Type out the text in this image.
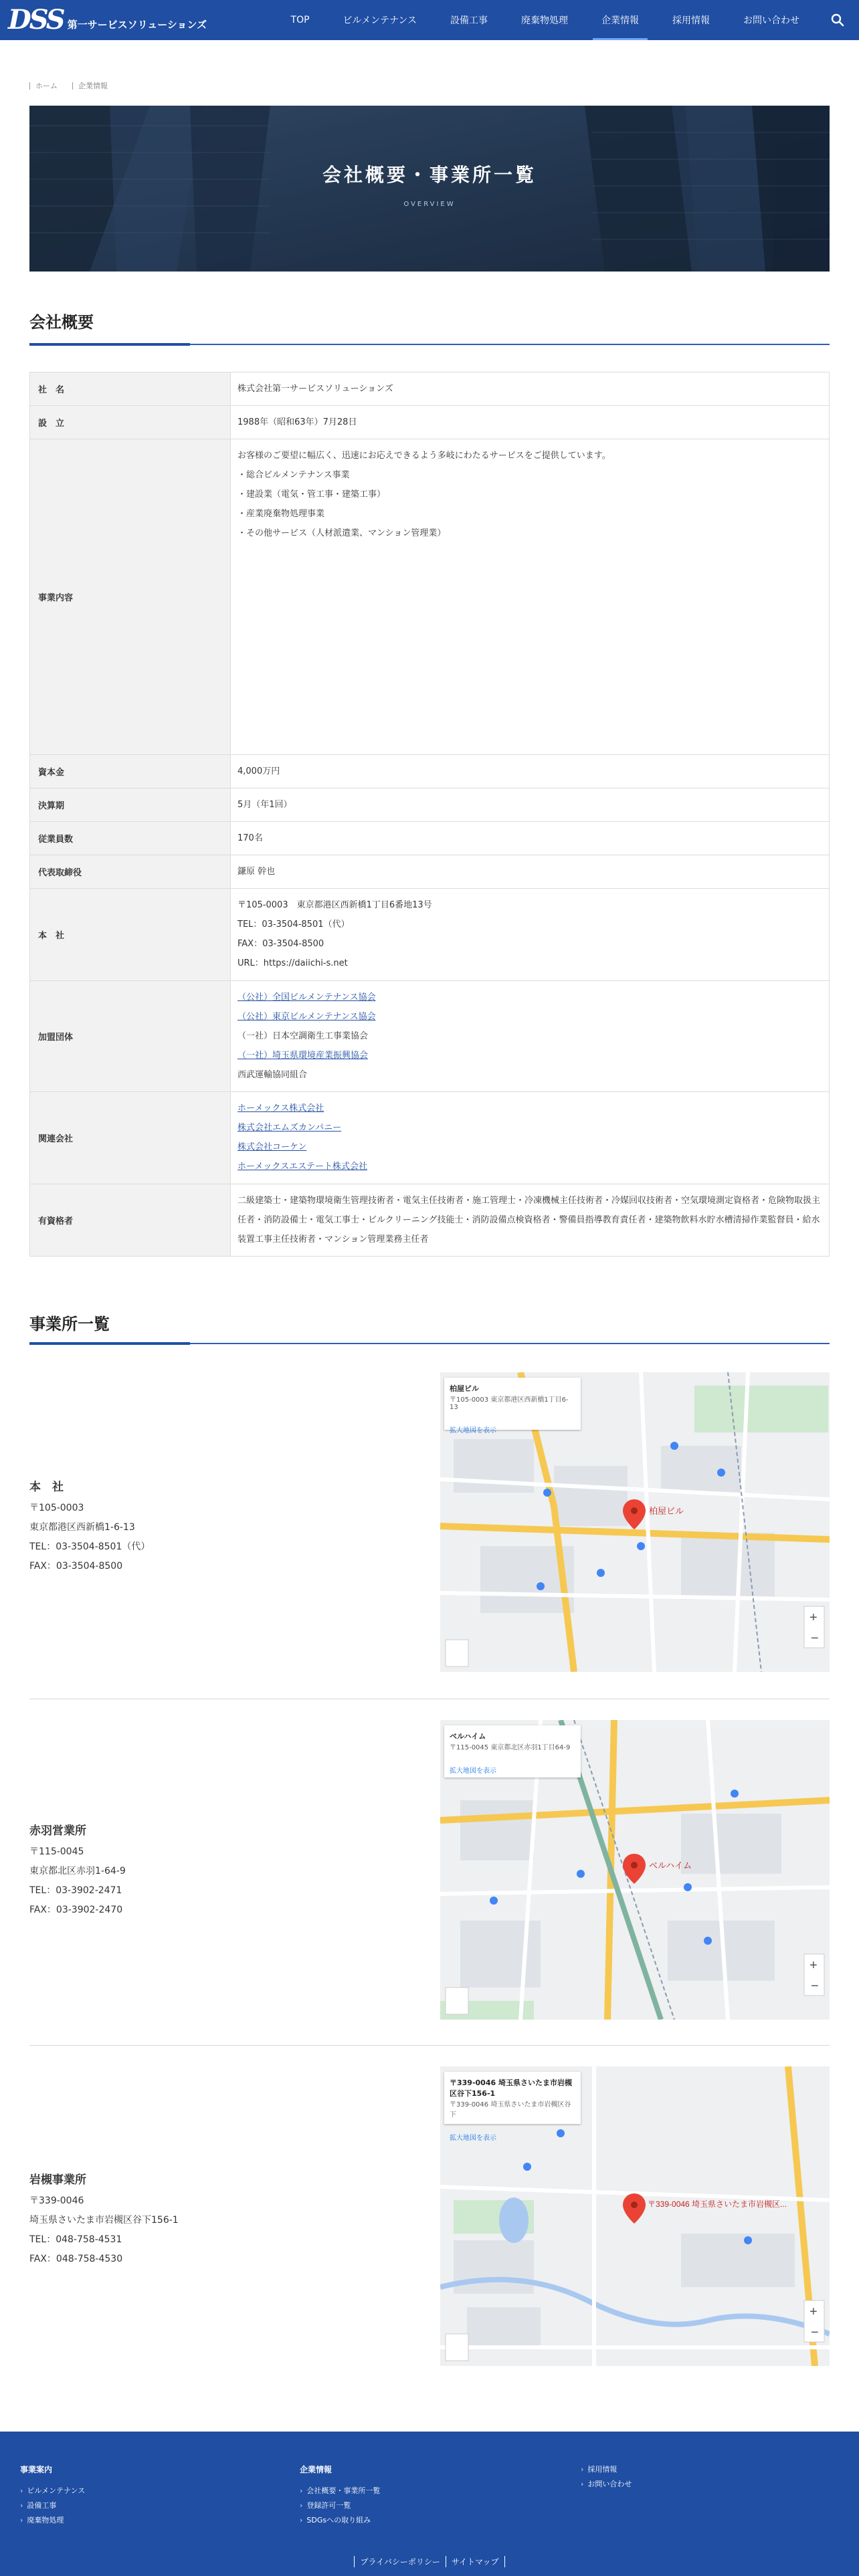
DSS 第一サービスソリューションズ	TOP	ビルメンテナンス	設備工事	廃棄物処理	企業情報	採用情報	お問い合わせ
ホーム	企業情報
会社概要・事業所一覧
OVERVIEW
会社概要
社　名	株式会社第一サービスソリューションズ
設　立	1988年（昭和63年）7月28日
事業内容	お客様のご要望に幅広く、迅速にお応えできるよう多岐にわたるサービスをご提供しています。
・総合ビルメンテナンス事業
・建設業（電気・管工事・建築工事）
・産業廃棄物処理事業
・その他サービス（人材派遣業、マンション管理業）

資本金	4,000万円
決算期	5月（年1回）
従業員数	170名
代表取締役	鎌原 幹也
本　社	〒105-0003　東京都港区西新橋1丁目6番地13号
TEL：03-3504-8501（代）
FAX：03-3504-8500
URL：https://daiichi-s.net

加盟団体	（公社）全国ビルメンテナンス協会
（公社）東京ビルメンテナンス協会
（一社）日本空調衛生工事業協会
（一社）埼玉県環境産業振興協会
西武運輸協同組合

関連会社	ホーメックス株式会社
株式会社エムズカンパニー
株式会社コーケン
ホーメックスエステート株式会社

有資格者	二級建築士・建築物環境衛生管理技術者・電気主任技術者・施工管理士・冷凍機械主任技術者・冷媒回収技術者・空気環境測定資格者・危険物取扱主任者・消防設備士・電気工事士・ビルクリーニング技能士・消防設備点検資格者・警備員指導教育責任者・建築物飲料水貯水槽清掃作業監督員・給水装置工事主任技術者・マンション管理業務主任者
事業所一覧
本　社
〒105-0003
東京都港区西新橋1-6-13
TEL：03-3504-8501（代）
FAX：03-3504-8500
柏屋ビル
+
−
柏屋ビル
〒105-0003 東京都港区西新橋1丁目6-13
拡大地図を表示
赤羽営業所
〒115-0045
東京都北区赤羽1-64-9
TEL：03-3902-2471
FAX：03-3902-2470
ベルハイム
+
−
ベルハイム
〒115-0045 東京都北区赤羽1丁目64-9
拡大地図を表示
岩槻事業所
〒339-0046
埼玉県さいたま市岩槻区谷下156-1
TEL：048-758-4531
FAX：048-758-4530
〒339-0046 埼玉県さいたま市岩槻区...
+
−
〒339-0046 埼玉県さいたま市岩槻区谷下156-1
〒339-0046 埼玉県さいたま市岩槻区谷下
拡大地図を表示
事業案内
› ビルメンテナンス
› 設備工事
› 廃棄物処理
企業情報
› 会社概要・事業所一覧
› 登録許可一覧
› SDGsへの取り組み
› 採用情報
› お問い合わせ
プライバシーポリシー	サイトマップ
